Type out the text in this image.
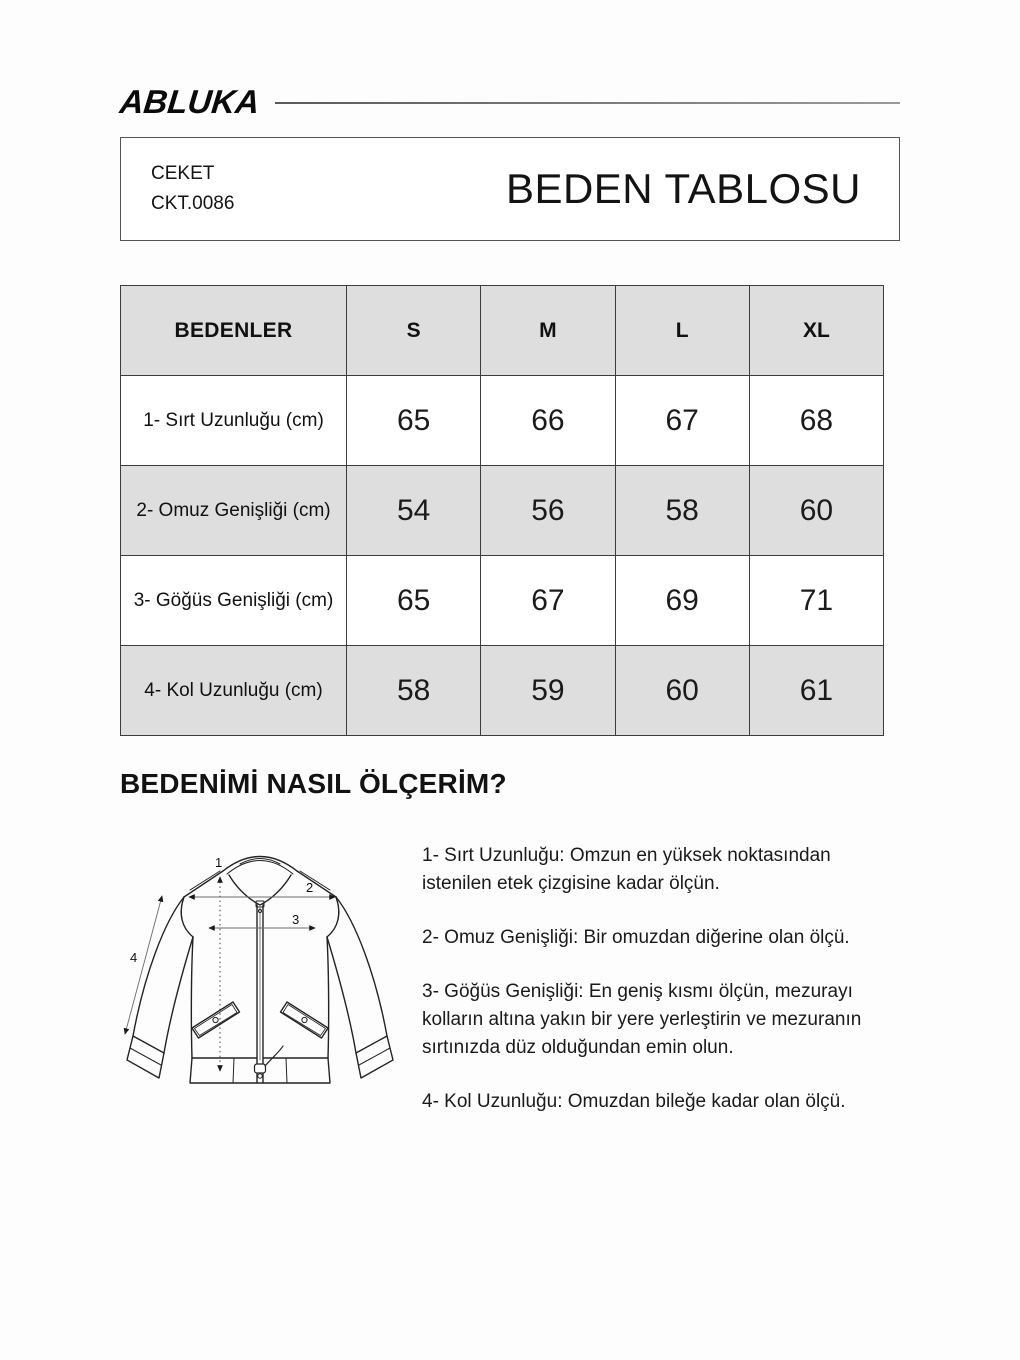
ABLUKA
CEKET
CKT.0086	BEDEN TABLOSU
BEDENLER	S	M	L	XL
1- Sırt Uzunluğu (cm)	65	66	67	68
2- Omuz Genişliği (cm)	54	56	58	60
3- Göğüs Genişliği (cm)	65	67	69	71
4- Kol Uzunluğu (cm)	58	59	60	61
BEDENİMİ NASIL ÖLÇERİM?
1
2
3
4

1- Sırt Uzunluğu: Omzun en yüksek noktasından istenilen etek çizgisine kadar ölçün.

2- Omuz Genişliği: Bir omuzdan diğerine olan ölçü.

3- Göğüs Genişliği: En geniş kısmı ölçün, mezurayı kolların altına yakın bir yere yerleştirin ve mezuranın sırtınızda düz olduğundan emin olun.

4- Kol Uzunluğu: Omuzdan bileğe kadar olan ölçü.
